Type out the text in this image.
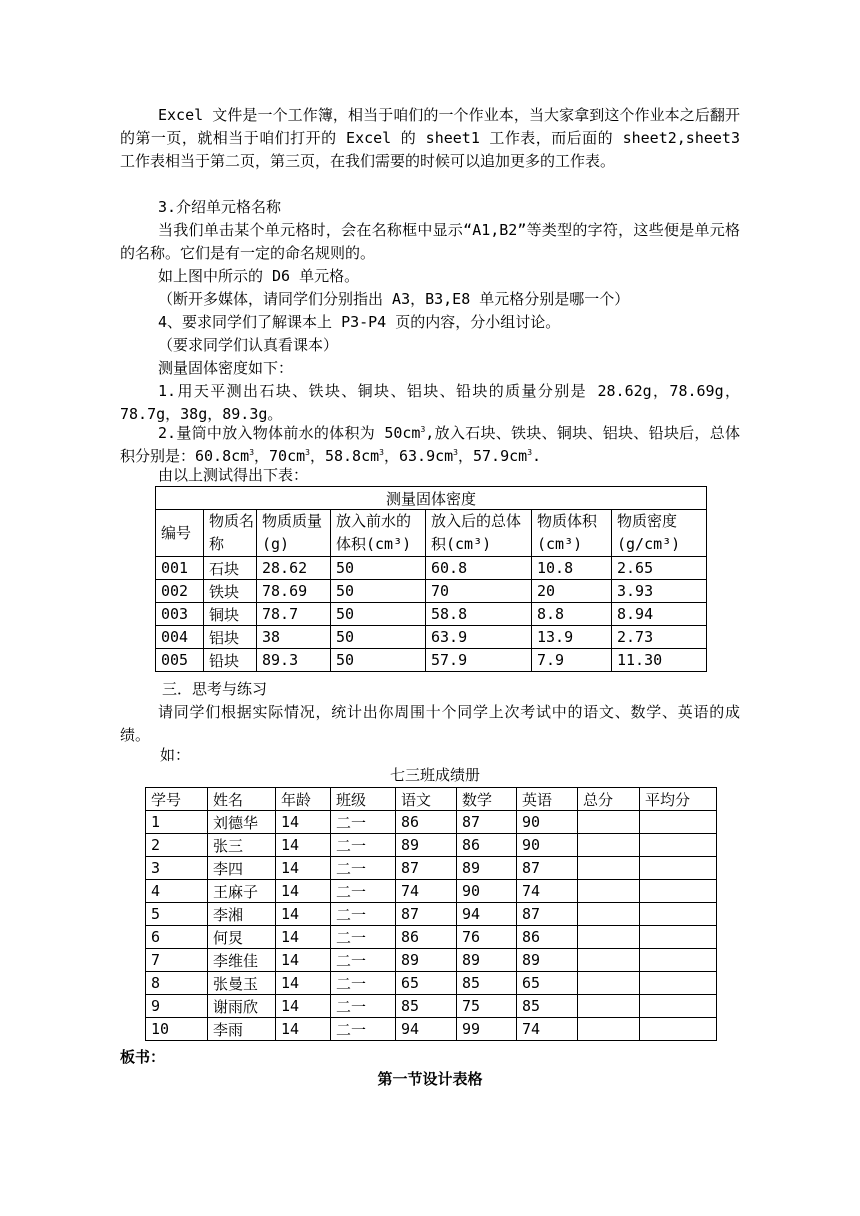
Excel 文件是一个工作簿，相当于咱们的一个作业本，当大家拿到这个作业本之后翻开的第一页，就相当于咱们打开的 Excel 的 sheet1 工作表，而后面的 sheet2,sheet3 工作表相当于第二页，第三页，在我们需要的时候可以追加更多的工作表。

3.介绍单元格名称

当我们单击某个单元格时，会在名称框中显示“A1,B2”等类型的字符，这些便是单元格的名称。它们是有一定的命名规则的。

如上图中所示的 D6 单元格。
（断开多媒体，请同学们分别指出 A3，B3,E8 单元格分别是哪一个）
4、要求同学们了解课本上 P3-P4 页的内容，分小组讨论。
（要求同学们认真看课本）
测量固体密度如下：

1.用天平测出石块、铁块、铜块、铝块、铅块的质量分别是 28.62g，78.69g，78.7g，38g，89.3g。

2.量筒中放入物体前水的体积为 $50cm^3$,放入石块、铁块、铜块、铝块、铅块后，总体积分别是：$60.8cm^3$，$70cm^3$，$58.8cm^3$，$63.9cm^3$，$57.9cm^3$.

由以上测试得出下表：
测量固体密度						
编号	物质名称	物质质量(g)	放入前水的体积(cm³)	放入后的总体积(cm³)	物质体积(cm³)	物质密度(g/cm³)
001	石块	28.62	50	60.8	10.8	2.65
002	铁块	78.69	50	70	20	3.93
003	铜块	78.7	50	58.8	8.8	8.94
004	铝块	38	50	63.9	13.9	2.73
005	铅块	89.3	50	57.9	7.9	11.30
三．思考与练习

请同学们根据实际情况，统计出你周围十个同学上次考试中的语文、数学、英语的成绩。

如：
七三班成绩册
学号	姓名	年龄	班级	语文	数学	英语	总分	平均分
1	刘德华	14	二一	86	87	90		
2	张三	14	二一	89	86	90		
3	李四	14	二一	87	89	87		
4	王麻子	14	二一	74	90	74		
5	李湘	14	二一	87	94	87		
6	何炅	14	二一	86	76	86		
7	李维佳	14	二一	89	89	89		
8	张曼玉	14	二一	65	85	65		
9	谢雨欣	14	二一	85	75	85		
10	李雨	14	二一	94	99	74		
板书：
第一节设计表格
